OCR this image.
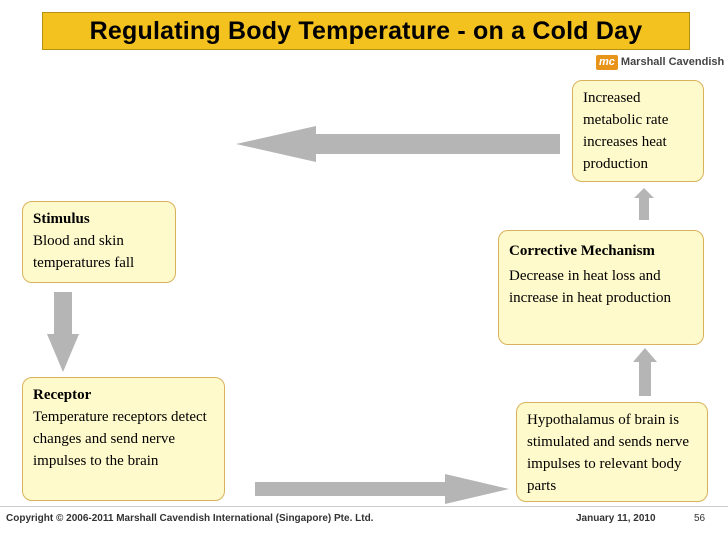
Regulating Body Temperature - on a Cold Day
mc Marshall Cavendish
Increased metabolic rate increases heat production
Stimulus
Blood and skin temperatures fall
Corrective Mechanism
Decrease in heat loss and increase in heat production
Receptor
Temperature receptors detect changes and send nerve impulses to the brain
Hypothalamus of brain is stimulated and sends nerve impulses to relevant body parts
Copyright © 2006-2011 Marshall Cavendish International (Singapore) Pte. Ltd.	January 11, 2010	56
